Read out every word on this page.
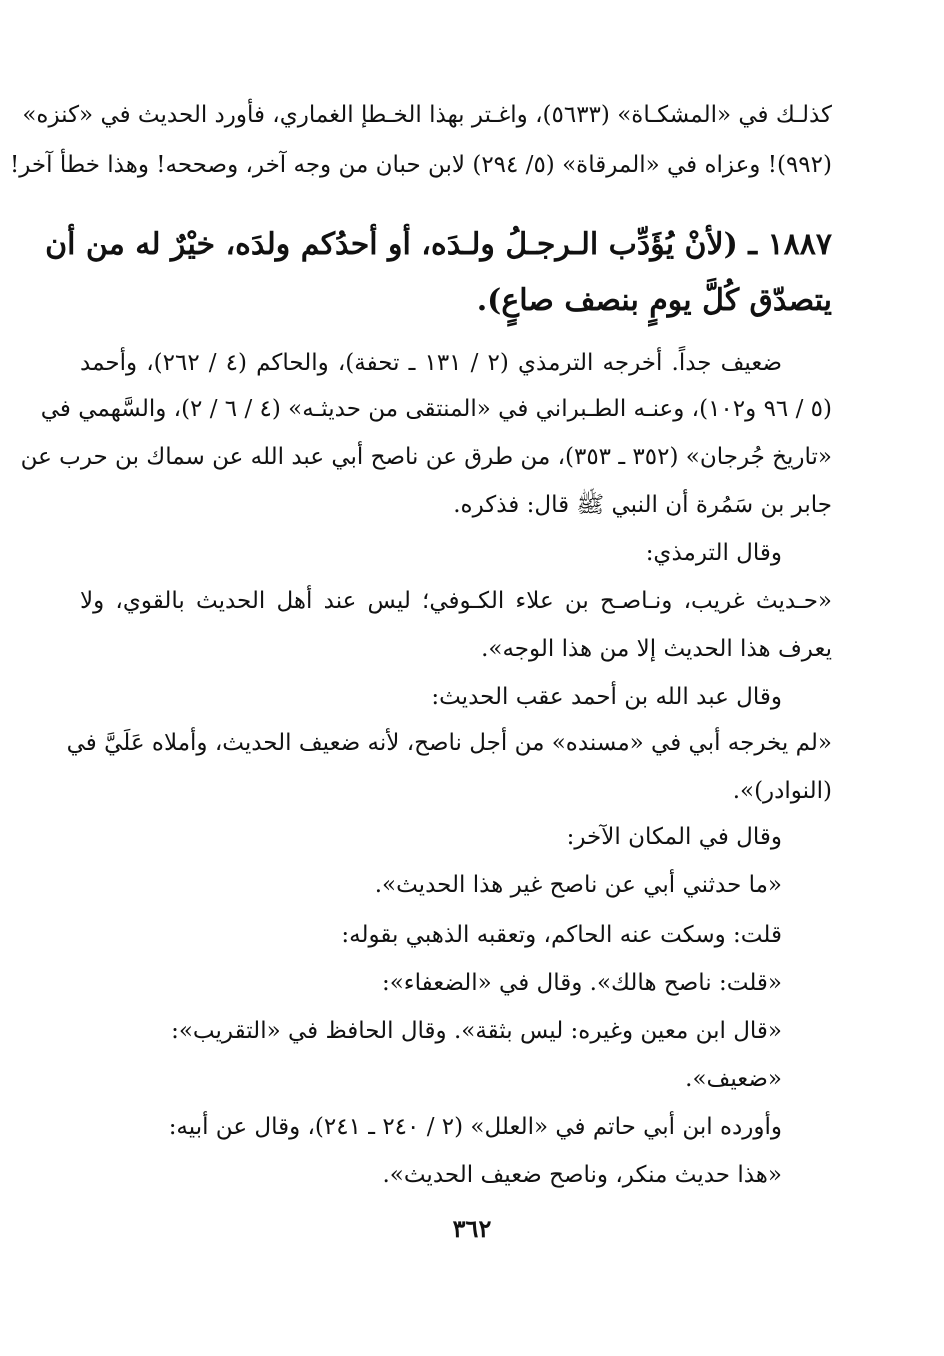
كذلـك في «المشكـاة» (٥٦٣٣)، واغـتر بهذا الخـطإ الغماري، فأورد الحديث في «كنزه»
(٩٩٢)! وعزاه في «المرقاة» (٥/ ٢٩٤) لابن حبان من وجه آخر، وصححه! وهذا خطأ آخر!
١٨٨٧ ـ (لأنْ يُؤَدِّب الـرجـلُ ولـدَه، أو أحدُكم ولدَه، خيْرٌ له من أن
يتصدّق كُلَّ يومٍ بنصف صاعٍ).
ضعيف جداً. أخرجه الترمذي (٢ / ١٣١ ـ تحفة)، والحاكم (٤ / ٢٦٢)، وأحمد
(٥ / ٩٦ و١٠٢)، وعنـه الطـبراني في «المنتقى من حديثـه» (٤ / ٦ / ٢)، والسَّهمي في
«تاريخ جُرجان» (٣٥٢ ـ ٣٥٣)، من طرق عن ناصح أبي عبد الله عن سماك بن حرب عن
جابر بن سَمُرة أن النبي ﷺ قال: فذكره.
وقال الترمذي:
«حـديث غريب، ونـاصـح بن علاء الكـوفي؛ ليس عند أهل الحديث بالقوي، ولا
يعرف هذا الحديث إلا من هذا الوجه».
وقال عبد الله بن أحمد عقب الحديث:
«لم يخرجه أبي في «مسنده» من أجل ناصح، لأنه ضعيف الحديث، وأملاه عَلَيَّ في
(النوادر)».
وقال في المكان الآخر:
«ما حدثني أبي عن ناصح غير هذا الحديث».
قلت: وسكت عنه الحاكم، وتعقبه الذهبي بقوله:
«قلت: ناصح هالك». وقال في «الضعفاء»:
«قال ابن معين وغيره: ليس بثقة». وقال الحافظ في «التقريب»:
«ضعيف».
وأورده ابن أبي حاتم في «العلل» (٢ / ٢٤٠ ـ ٢٤١)، وقال عن أبيه:
«هذا حديث منكر، وناصح ضعيف الحديث».
٣٦٢
